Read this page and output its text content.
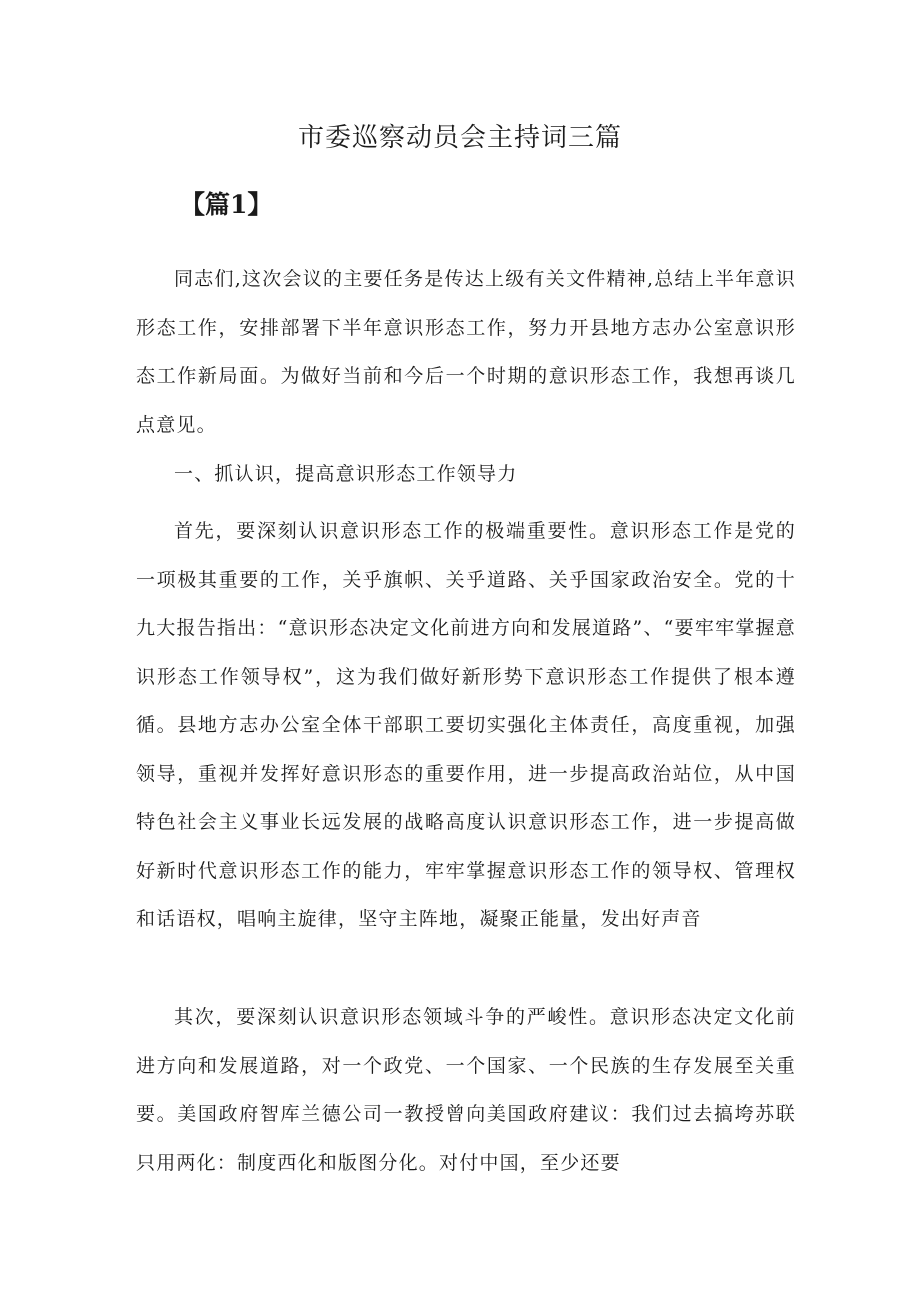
市委巡察动员会主持词三篇
【篇1】

同志们,这次会议的主要任务是传达上级有关文件精神,总结上半年意识形态工作，安排部署下半年意识形态工作，努力开县地方志办公室意识形态工作新局面。为做好当前和今后一个时期的意识形态工作，我想再谈几点意见。

一、抓认识，提高意识形态工作领导力

首先，要深刻认识意识形态工作的极端重要性。意识形态工作是党的一项极其重要的工作，关乎旗帜、关乎道路、关乎国家政治安全。党的十九大报告指出：“意识形态决定文化前进方向和发展道路”、“要牢牢掌握意识形态工作领导权”，这为我们做好新形势下意识形态工作提供了根本遵循。县地方志办公室全体干部职工要切实强化主体责任，高度重视，加强领导，重视并发挥好意识形态的重要作用，进一步提高政治站位，从中国特色社会主义事业长远发展的战略高度认识意识形态工作，进一步提高做好新时代意识形态工作的能力，牢牢掌握意识形态工作的领导权、管理权和话语权，唱响主旋律，坚守主阵地，凝聚正能量，发出好声音

其次，要深刻认识意识形态领域斗争的严峻性。意识形态决定文化前进方向和发展道路，对一个政党、一个国家、一个民族的生存发展至关重要。美国政府智库兰德公司一教授曾向美国政府建议：我们过去搞垮苏联只用两化：制度西化和版图分化。对付中国，至少还要
